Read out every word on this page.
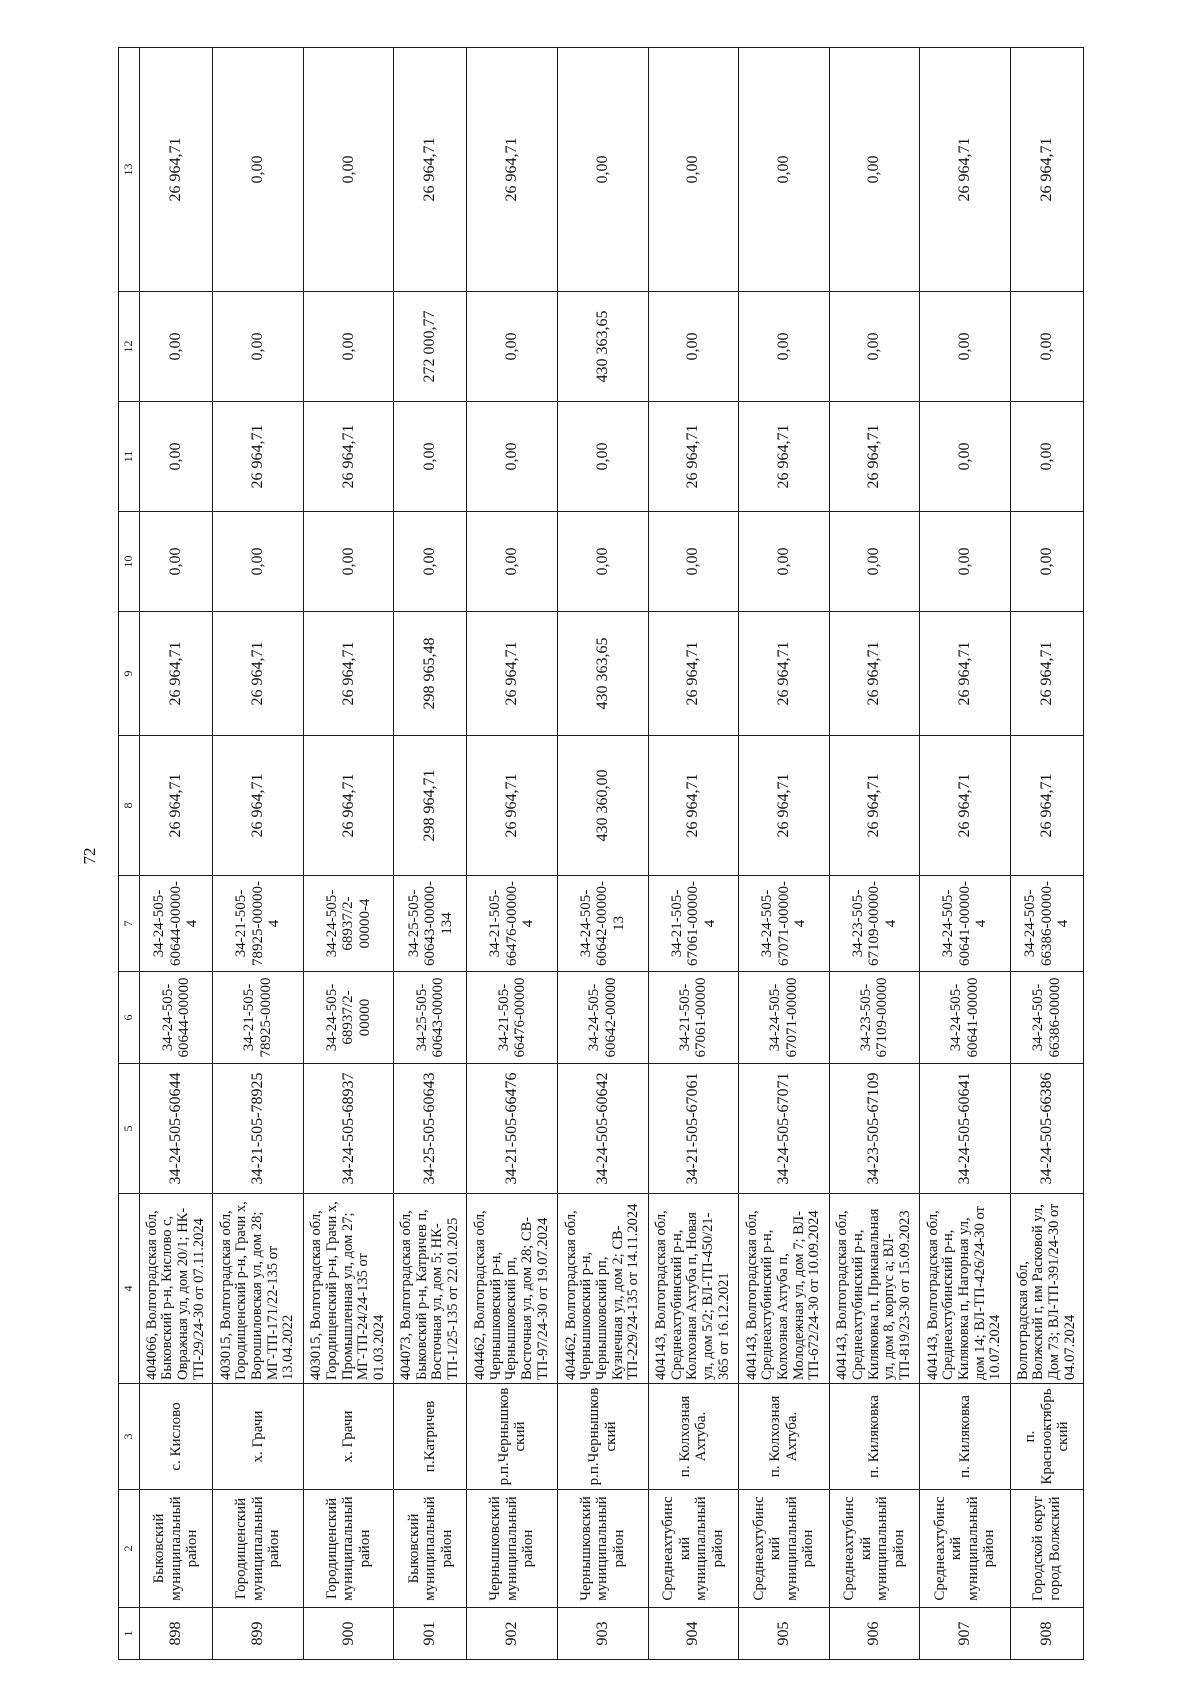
72
1	2	3	4	5	6	7	8	9	10	11	12	13
898	Быковский муниципальный район	с. Кислово	404066, Волгоградская обл, Быковский р-н, Кислово с, Овражная ул, дом 20/1; НК-ТП-29/24-30 от 07.11.2024	34-24-505-60644	34-24-505-60644-00000	34-24-505-60644-00000-4	26 964,71	26 964,71	0,00	0,00	0,00	26 964,71
899	Городищенский муниципальный район	х. Грачи	403015, Волгоградская обл, Городищенский р-н, Грачи х, Ворошиловская ул, дом 28; МГ-ТП-171/22-135 от 13.04.2022	34-21-505-78925	34-21-505-78925-00000	34-21-505-78925-00000-4	26 964,71	26 964,71	0,00	26 964,71	0,00	0,00
900	Городищенский муниципальный район	х. Грачи	403015, Волгоградская обл, Городищенский р-н, Грачи х, Промышленная ул, дом 27; МГ-ТП-24/24-135 от 01.03.2024	34-24-505-68937	34-24-505-68937/2-00000	34-24-505-68937/2-00000-4	26 964,71	26 964,71	0,00	26 964,71	0,00	0,00
901	Быковский муниципальный район	п.Катричев	404073, Волгоградская обл, Быковский р-н, Катричев п, Восточная ул, дом 5; НК-ТП-1/25-135 от 22.01.2025	34-25-505-60643	34-25-505-60643-00000	34-25-505-60643-00000-134	298 964,71	298 965,48	0,00	0,00	272 000,77	26 964,71
902	Чернышковский муниципальный район	р.п.Чернышковский	404462, Волгоградская обл, Чернышковский р-н, Чернышковский рп, Восточная ул, дом 28; СВ-ТП-97/24-30 от 19.07.2024	34-21-505-66476	34-21-505-66476-00000	34-21-505-66476-00000-4	26 964,71	26 964,71	0,00	0,00	0,00	26 964,71
903	Чернышковский муниципальный район	р.п.Чернышковский	404462, Волгоградская обл, Чернышковский р-н, Чернышковский рп, Кузнечная ул, дом 2; СВ-ТП-229/24-135 от 14.11.2024	34-24-505-60642	34-24-505-60642-00000	34-24-505-60642-00000-13	430 360,00	430 363,65	0,00	0,00	430 363,65	0,00
904	Среднеахтубинский муниципальный район	п. Колхозная Ахтуба.	404143, Волгоградская обл, Среднеахтубинский р-н, Колхозная Ахтуба п, Новая ул, дом 5/2; ВЛ-ТП-450/21-365 от 16.12.2021	34-21-505-67061	34-21-505-67061-00000	34-21-505-67061-00000-4	26 964,71	26 964,71	0,00	26 964,71	0,00	0,00
905	Среднеахтубинский муниципальный район	п. Колхозная Ахтуба.	404143, Волгоградская обл, Среднеахтубинский р-н, Колхозная Ахтуба п, Молодежная ул, дом 7; ВЛ-ТП-672/24-30 от 10.09.2024	34-24-505-67071	34-24-505-67071-00000	34-24-505-67071-00000-4	26 964,71	26 964,71	0,00	26 964,71	0,00	0,00
906	Среднеахтубинский муниципальный район	п. Киляковка	404143, Волгоградская обл, Среднеахтубинский р-н, Киляковка п, Приканальная ул, дом 8, корпус а; ВЛ-ТП-819/23-30 от 15.09.2023	34-23-505-67109	34-23-505-67109-00000	34-23-505-67109-00000-4	26 964,71	26 964,71	0,00	26 964,71	0,00	0,00
907	Среднеахтубинский муниципальный район	п. Киляковка	404143, Волгоградская обл, Среднеахтубинский р-н, Киляковка п, Нагорная ул, дом 14; ВЛ-ТП-426/24-30 от 10.07.2024	34-24-505-60641	34-24-505-60641-00000	34-24-505-60641-00000-4	26 964,71	26 964,71	0,00	0,00	0,00	26 964,71
908	Городской округ город Волжский	п. Краснооктябрьский	Волгоградская обл, Волжский г, им Расковой ул, Дом 73; ВЛ-ТП-391/24-30 от 04.07.2024	34-24-505-66386	34-24-505-66386-00000	34-24-505-66386-00000-4	26 964,71	26 964,71	0,00	0,00	0,00	26 964,71
